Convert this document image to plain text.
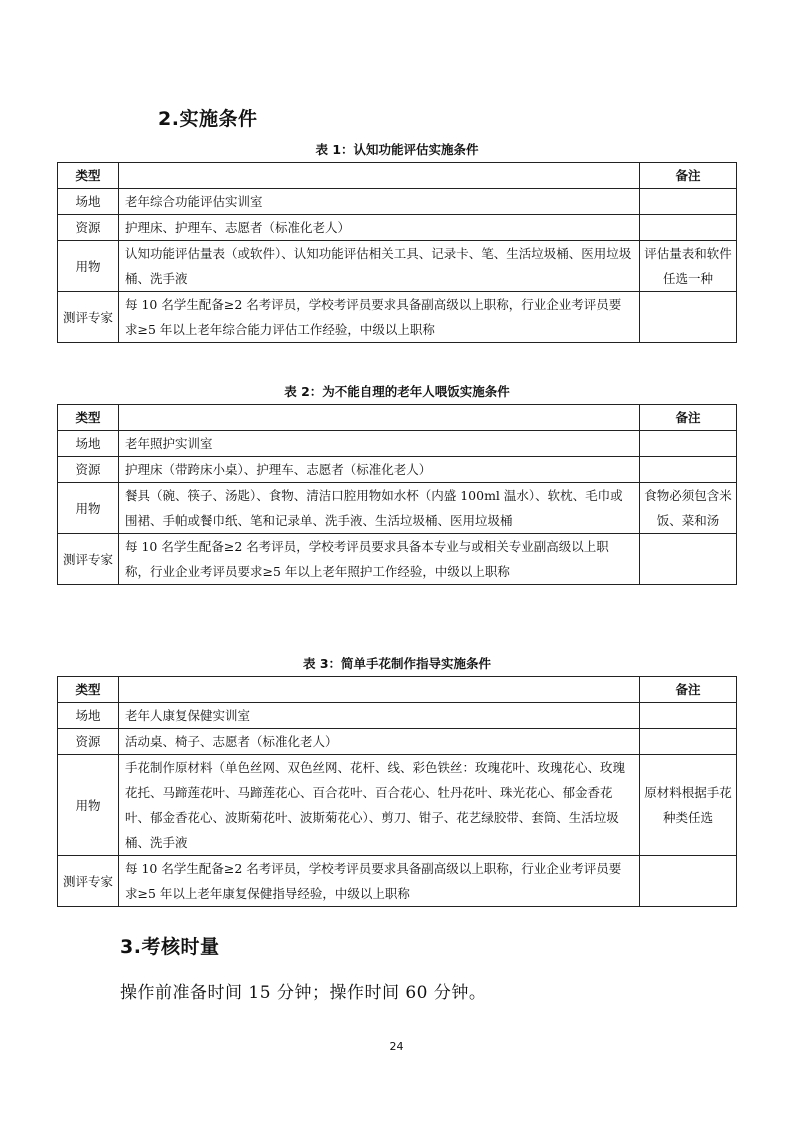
2.实施条件
表 1：认知功能评估实施条件
类型		备注
场地	老年综合功能评估实训室	
资源	护理床、护理车、志愿者（标准化老人）	
用物	认知功能评估量表（或软件）、认知功能评估相关工具、记录卡、笔、生活垃圾桶、医用垃圾桶、洗手液	评估量表和软件任选一种
测评专家	每 10 名学生配备≥2 名考评员，学校考评员要求具备副高级以上职称，行业企业考评员要求≥5 年以上老年综合能力评估工作经验，中级以上职称	
表 2：为不能自理的老年人喂饭实施条件
类型		备注
场地	老年照护实训室	
资源	护理床（带跨床小桌）、护理车、志愿者（标准化老人）	
用物	餐具（碗、筷子、汤匙）、食物、清洁口腔用物如水杯（内盛 100ml 温水）、软枕、毛巾或围裙、手帕或餐巾纸、笔和记录单、洗手液、生活垃圾桶、医用垃圾桶	食物必须包含米饭、菜和汤
测评专家	每 10 名学生配备≥2 名考评员，学校考评员要求具备本专业与或相关专业副高级以上职称，行业企业考评员要求≥5 年以上老年照护工作经验，中级以上职称	
表 3：简单手花制作指导实施条件
类型		备注
场地	老年人康复保健实训室	
资源	活动桌、椅子、志愿者（标准化老人）	
用物	手花制作原材料（单色丝网、双色丝网、花杆、线、彩色铁丝：玫瑰花叶、玫瑰花心、玫瑰花托、马蹄莲花叶、马蹄莲花心、百合花叶、百合花心、牡丹花叶、珠光花心、郁金香花叶、郁金香花心、波斯菊花叶、波斯菊花心）、剪刀、钳子、花艺绿胶带、套筒、生活垃圾桶、洗手液	原材料根据手花种类任选
测评专家	每 10 名学生配备≥2 名考评员，学校考评员要求具备副高级以上职称，行业企业考评员要求≥5 年以上老年康复保健指导经验，中级以上职称	
3.考核时量
操作前准备时间 15 分钟；操作时间 60 分钟。
24
